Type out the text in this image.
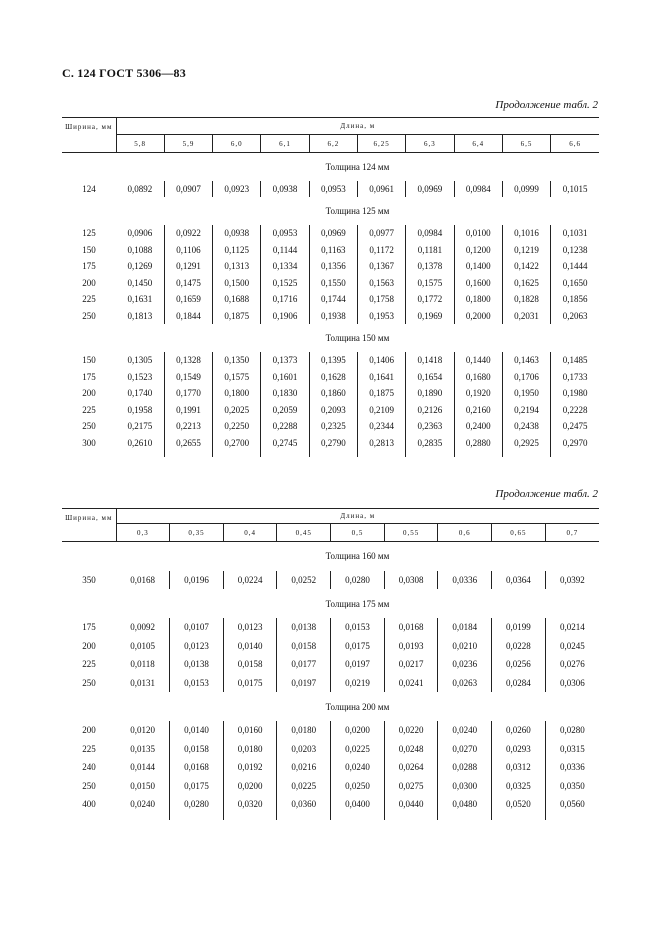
С. 124 ГОСТ 5306—83
Продолжение табл. 2
Ширина, мм	Длина, м									
	5,8	5,9	6,0	6,1	6,2	6,25	6,3	6,4	6,5	6,6
	Толщина 124 мм									
124	0,0892	0,0907	0,0923	0,0938	0,0953	0,0961	0,0969	0,0984	0,0999	0,1015
	Толщина 125 мм									
125	0,0906	0,0922	0,0938	0,0953	0,0969	0,0977	0,0984	0,0100	0,1016	0,1031
150	0,1088	0,1106	0,1125	0,1144	0,1163	0,1172	0,1181	0,1200	0,1219	0,1238
175	0,1269	0,1291	0,1313	0,1334	0,1356	0,1367	0,1378	0,1400	0,1422	0,1444
200	0,1450	0,1475	0,1500	0,1525	0,1550	0,1563	0,1575	0,1600	0,1625	0,1650
225	0,1631	0,1659	0,1688	0,1716	0,1744	0,1758	0,1772	0,1800	0,1828	0,1856
250	0,1813	0,1844	0,1875	0,1906	0,1938	0,1953	0,1969	0,2000	0,2031	0,2063
	Толщина 150 мм									
150	0,1305	0,1328	0,1350	0,1373	0,1395	0,1406	0,1418	0,1440	0,1463	0,1485
175	0,1523	0,1549	0,1575	0,1601	0,1628	0,1641	0,1654	0,1680	0,1706	0,1733
200	0,1740	0,1770	0,1800	0,1830	0,1860	0,1875	0,1890	0,1920	0,1950	0,1980
225	0,1958	0,1991	0,2025	0,2059	0,2093	0,2109	0,2126	0,2160	0,2194	0,2228
250	0,2175	0,2213	0,2250	0,2288	0,2325	0,2344	0,2363	0,2400	0,2438	0,2475
300	0,2610	0,2655	0,2700	0,2745	0,2790	0,2813	0,2835	0,2880	0,2925	0,2970

Продолжение табл. 2
Ширина, мм	Длина, м								
	0,3	0,35	0,4	0,45	0,5	0,55	0,6	0,65	0,7
	Толщина 160 мм								
350	0,0168	0,0196	0,0224	0,0252	0,0280	0,0308	0,0336	0,0364	0,0392
	Толщина 175 мм								
175	0,0092	0,0107	0,0123	0,0138	0,0153	0,0168	0,0184	0,0199	0,0214
200	0,0105	0,0123	0,0140	0,0158	0,0175	0,0193	0,0210	0,0228	0,0245
225	0,0118	0,0138	0,0158	0,0177	0,0197	0,0217	0,0236	0,0256	0,0276
250	0,0131	0,0153	0,0175	0,0197	0,0219	0,0241	0,0263	0,0284	0,0306
	Толщина 200 мм								
200	0,0120	0,0140	0,0160	0,0180	0,0200	0,0220	0,0240	0,0260	0,0280
225	0,0135	0,0158	0,0180	0,0203	0,0225	0,0248	0,0270	0,0293	0,0315
240	0,0144	0,0168	0,0192	0,0216	0,0240	0,0264	0,0288	0,0312	0,0336
250	0,0150	0,0175	0,0200	0,0225	0,0250	0,0275	0,0300	0,0325	0,0350
400	0,0240	0,0280	0,0320	0,0360	0,0400	0,0440	0,0480	0,0520	0,0560
